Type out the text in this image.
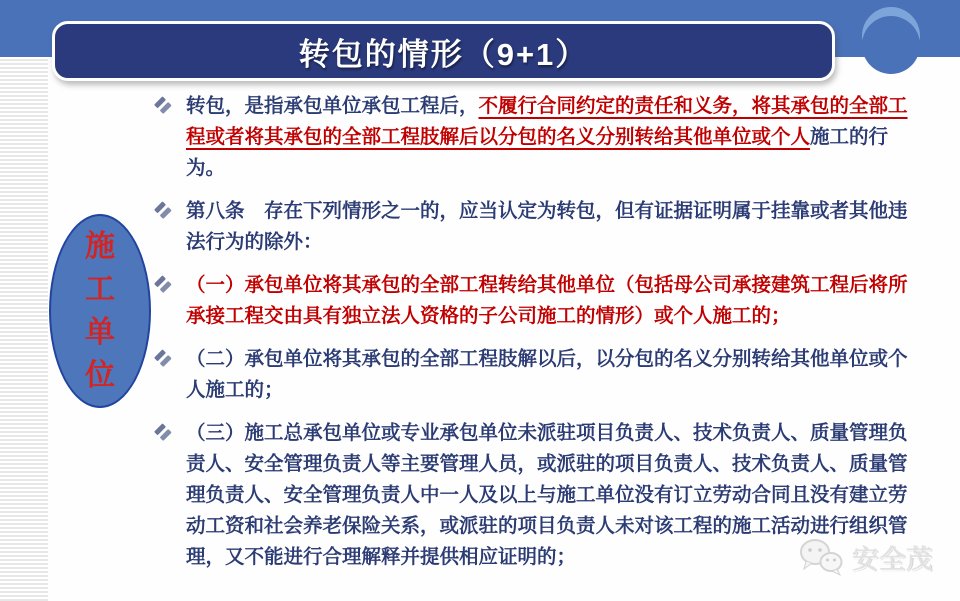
转包的情形（9+1）
施
工
单
位
转包，是指承包单位承包工程后，不履行合同约定的责任和义务，将其承包的全部工程或者将其承包的全部工程肢解后以分包的名义分别转给其他单位或个人施工的行为。
第八条　存在下列情形之一的，应当认定为转包，但有证据证明属于挂靠或者其他违法行为的除外：
（一）承包单位将其承包的全部工程转给其他单位（包括母公司承接建筑工程后将所承接工程交由具有独立法人资格的子公司施工的情形）或个人施工的；
（二）承包单位将其承包的全部工程肢解以后，以分包的名义分别转给其他单位或个人施工的；
（三）施工总承包单位或专业承包单位未派驻项目负责人、技术负责人、质量管理负责人、安全管理负责人等主要管理人员，或派驻的项目负责人、技术负责人、质量管理负责人、安全管理负责人中一人及以上与施工单位没有订立劳动合同且没有建立劳动工资和社会养老保险关系，或派驻的项目负责人未对该工程的施工活动进行组织管理，又不能进行合理解释并提供相应证明的；	安全茂
